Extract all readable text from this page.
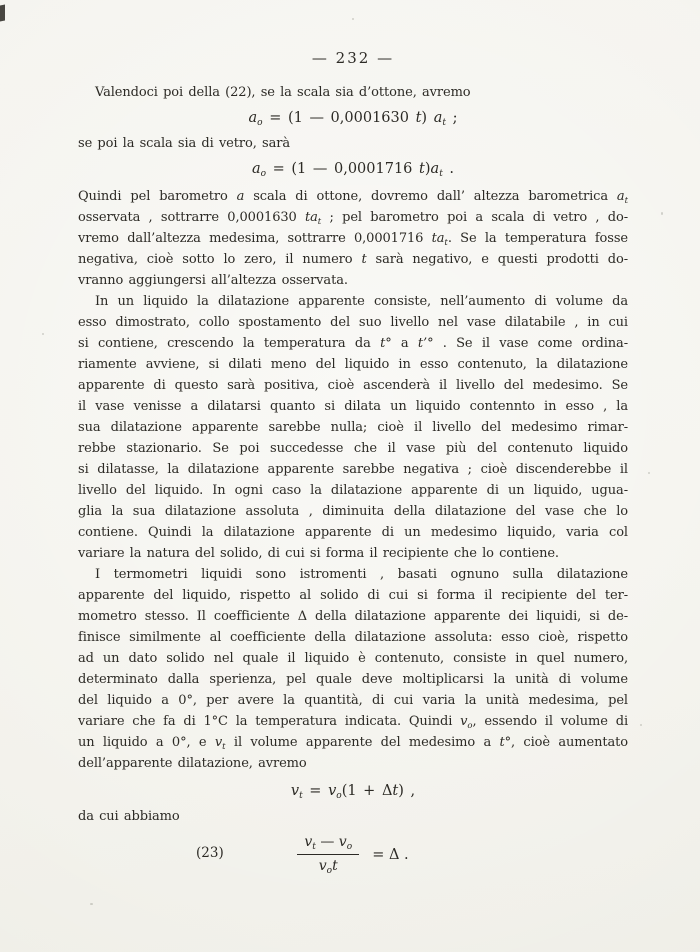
— 232 —
Valendoci poi della (22), se la scala sia d’ottone, avremo
$a_o = (1$ — 0,0001630 t) $a_t$ ;
se poi la scala sia di vetro, sarà
$a_o = (1$ — 0,0001716 $t)a_t$ .
Quindi pel barometro a scala di ottone, dovremo dall’ altezza barometrica $a_t$
osservata , sottrarre 0,0001630 $ta_t$ ; pel barometro poi a scala di vetro , do-
vremo dall’altezza medesima, sottrarre 0,0001716 $ta_t$. Se la temperatura fosse
negativa, cioè sotto lo zero, il numero t sarà negativo, e questi prodotti do-
vranno aggiungersi all’altezza osservata.
In un liquido la dilatazione apparente consiste, nell’aumento di volume da
esso dimostrato, collo spostamento del suo livello nel vase dilatabile , in cui
si contiene, crescendo la temperatura da t° a t’° . Se il vase come ordina-
riamente avviene, si dilati meno del liquido in esso contenuto, la dilatazione
apparente di questo sarà positiva, cioè ascenderà il livello del medesimo. Se
il vase venisse a dilatarsi quanto si dilata un liquido contennto in esso , la
sua dilatazione apparente sarebbe nulla; cioè il livello del medesimo rimar-
rebbe stazionario. Se poi succedesse che il vase più del contenuto liquido
si dilatasse, la dilatazione apparente sarebbe negativa ; cioè discenderebbe il
livello del liquido. In ogni caso la dilatazione apparente di un liquido, ugua-
glia la sua dilatazione assoluta , diminuita della dilatazione del vase che lo
contiene. Quindi la dilatazione apparente di un medesimo liquido, varia col
variare la natura del solido, di cui si forma il recipiente che lo contiene.
I termometri liquidi sono istromenti , basati ognuno sulla dilatazione
apparente del liquido, rispetto al solido di cui si forma il recipiente del ter-
mometro stesso. Il coefficiente Δ della dilatazione apparente dei liquidi, si de-
finisce similmente al coefficiente della dilatazione assoluta: esso cioè, rispetto
ad un dato solido nel quale il liquido è contenuto, consiste in quel numero,
determinato dalla sperienza, pel quale deve moltiplicarsi la unità di volume
del liquido a 0°, per avere la quantità, di cui varia la unità medesima, pel
variare che fa di 1°C la temperatura indicata. Quindi $v_o$, essendo il volume di
un liquido a 0°, e $v_t$ il volume apparente del medesimo a t°, cioè aumentato
dell’apparente dilatazione, avremo
$v_t = v_o(1 + \Delta t)$ ,
da cui abbiamo
(23)	$\frac{v_t — v_o}{v_ot} = \Delta$ .
